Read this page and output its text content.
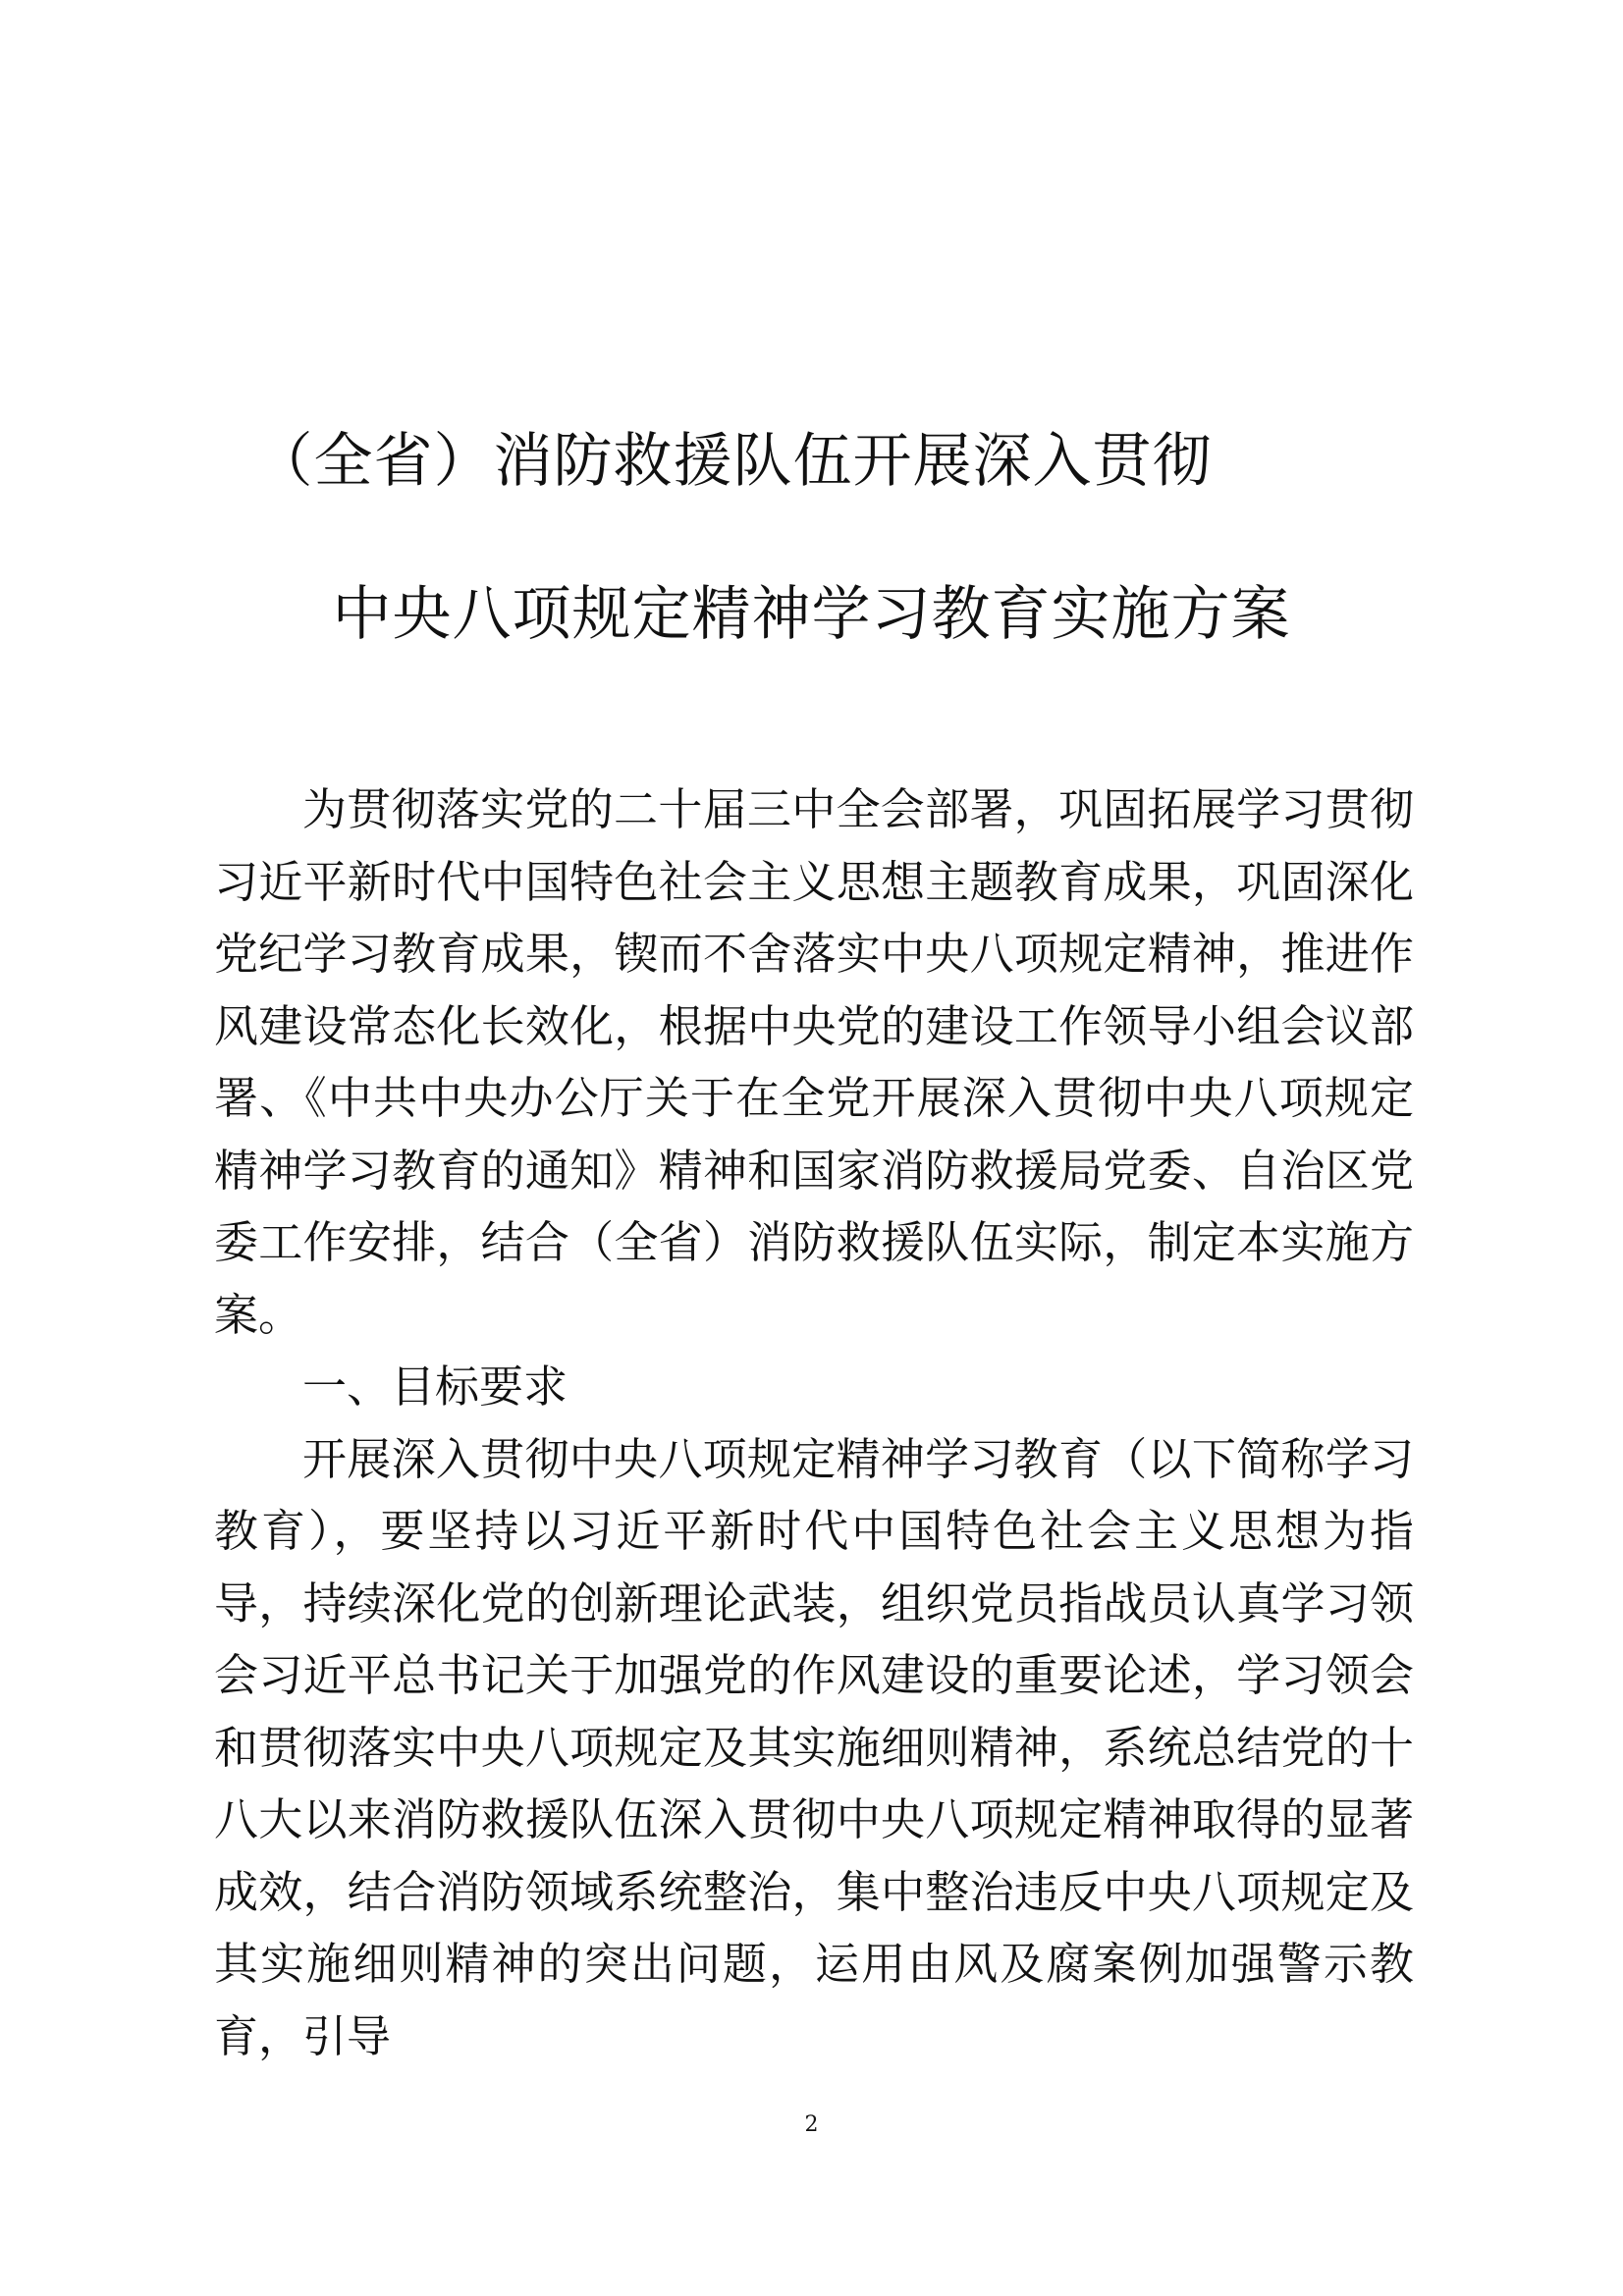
（全省）消防救援队伍开展深入贯彻
中央八项规定精神学习教育实施方案

为贯彻落实党的二十届三中全会部署，巩固拓展学习贯彻习近平新时代中国特色社会主义思想主题教育成果，巩固深化党纪学习教育成果，锲而不舍落实中央八项规定精神，推进作风建设常态化长效化，根据中央党的建设工作领导小组会议部署、《中共中央办公厅关于在全党开展深入贯彻中央八项规定精神学习教育的通知》精神和国家消防救援局党委、自治区党委工作安排，结合（全省）消防救援队伍实际，制定本实施方案。

一、目标要求

开展深入贯彻中央八项规定精神学习教育（以下简称学习教育），要坚持以习近平新时代中国特色社会主义思想为指导，持续深化党的创新理论武装，组织党员指战员认真学习领会习近平总书记关于加强党的作风建设的重要论述，学习领会和贯彻落实中央八项规定及其实施细则精神，系统总结党的十八大以来消防救援队伍深入贯彻中央八项规定精神取得的显著成效，结合消防领域系统整治，集中整治违反中央八项规定及其实施细则精神的突出问题，运用由风及腐案例加强警示教育，引导

2
